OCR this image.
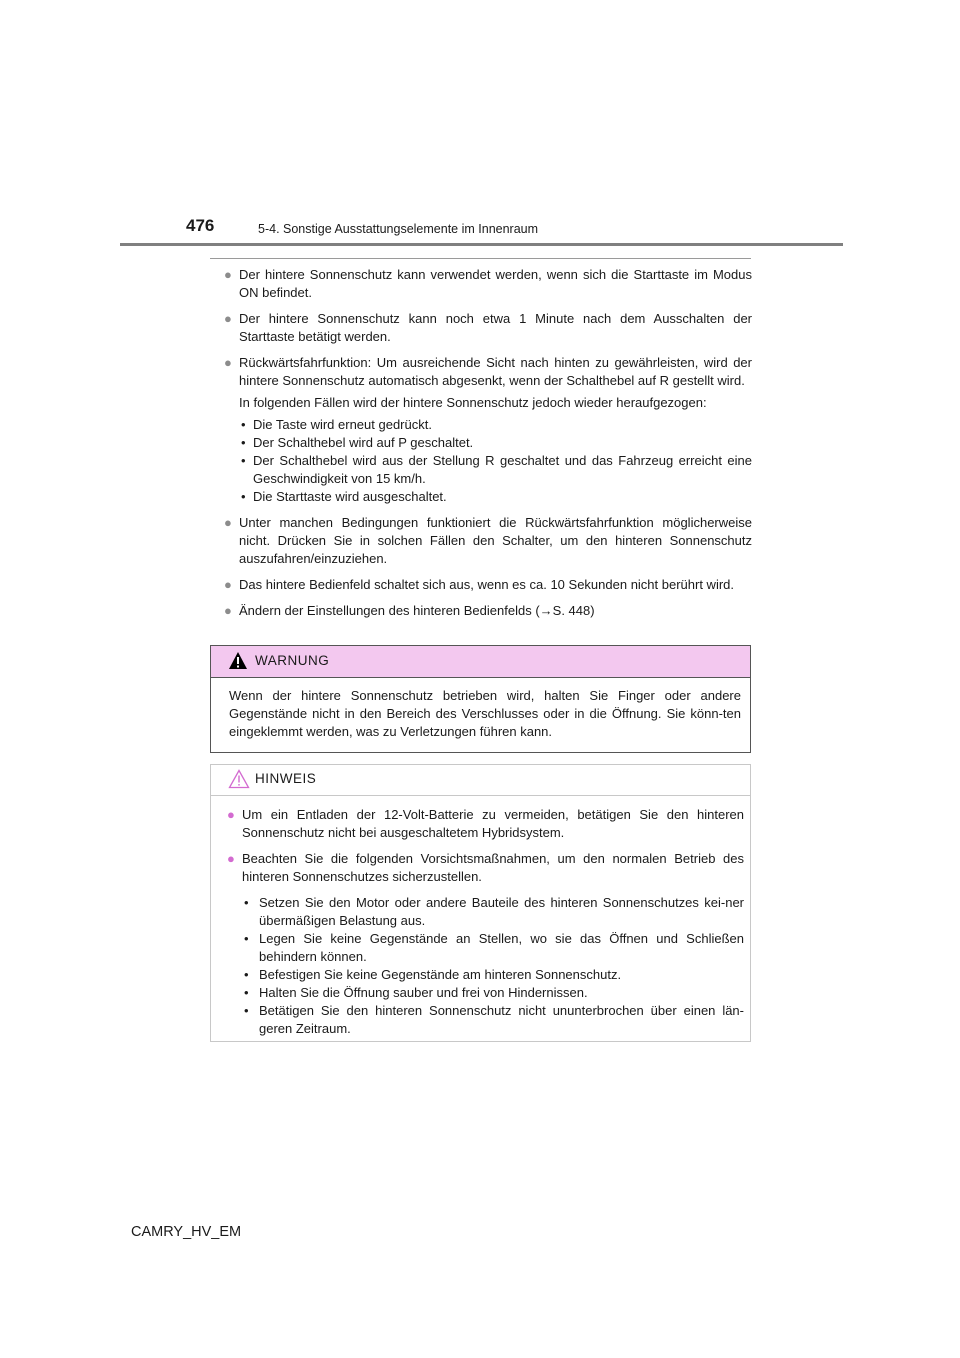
476	5-4. Sonstige Ausstattungselemente im Innenraum
● Der hintere Sonnenschutz kann verwendet werden, wenn sich die Starttaste im Modus ON befindet.

● Der hintere Sonnenschutz kann noch etwa 1 Minute nach dem Ausschalten der Starttaste betätigt werden.

● Rückwärtsfahrfunktion: Um ausreichende Sicht nach hinten zu gewährleisten, wird der hintere Sonnenschutz automatisch abgesenkt, wenn der Schalthebel auf R gestellt wird.

In folgenden Fällen wird der hintere Sonnenschutz jedoch wieder heraufgezogen:

• Die Taste wird erneut gedrückt.
• Der Schalthebel wird auf P geschaltet.
• Der Schalthebel wird aus der Stellung R geschaltet und das Fahrzeug erreicht eine Geschwindigkeit von 15 km/h.
• Die Starttaste wird ausgeschaltet.
● Unter manchen Bedingungen funktioniert die Rückwärtsfahrfunktion möglicherweise nicht. Drücken Sie in solchen Fällen den Schalter, um den hinteren Sonnenschutz auszufahren/einzuziehen.

● Das hintere Bedienfeld schaltet sich aus, wenn es ca. 10 Sekunden nicht berührt wird.

● Ändern der Einstellungen des hinteren Bedienfelds (→S. 448)

WARNUNG
Wenn der hintere Sonnenschutz betrieben wird, halten Sie Finger oder andere Gegenstände nicht in den Bereich des Verschlusses oder in die Öffnung. Sie könn-ten eingeklemmt werden, was zu Verletzungen führen kann.
HINWEIS
● Um ein Entladen der 12-Volt-Batterie zu vermeiden, betätigen Sie den hinteren Sonnenschutz nicht bei ausgeschaltetem Hybridsystem.

● Beachten Sie die folgenden Vorsichtsmaßnahmen, um den normalen Betrieb des hinteren Sonnenschutzes sicherzustellen.

• Setzen Sie den Motor oder andere Bauteile des hinteren Sonnenschutzes kei-ner übermäßigen Belastung aus.
• Legen Sie keine Gegenstände an Stellen, wo sie das Öffnen und Schließen behindern können.
• Befestigen Sie keine Gegenstände am hinteren Sonnenschutz.
• Halten Sie die Öffnung sauber und frei von Hindernissen.
• Betätigen Sie den hinteren Sonnenschutz nicht ununterbrochen über einen län-geren Zeitraum.
CAMRY_HV_EM
